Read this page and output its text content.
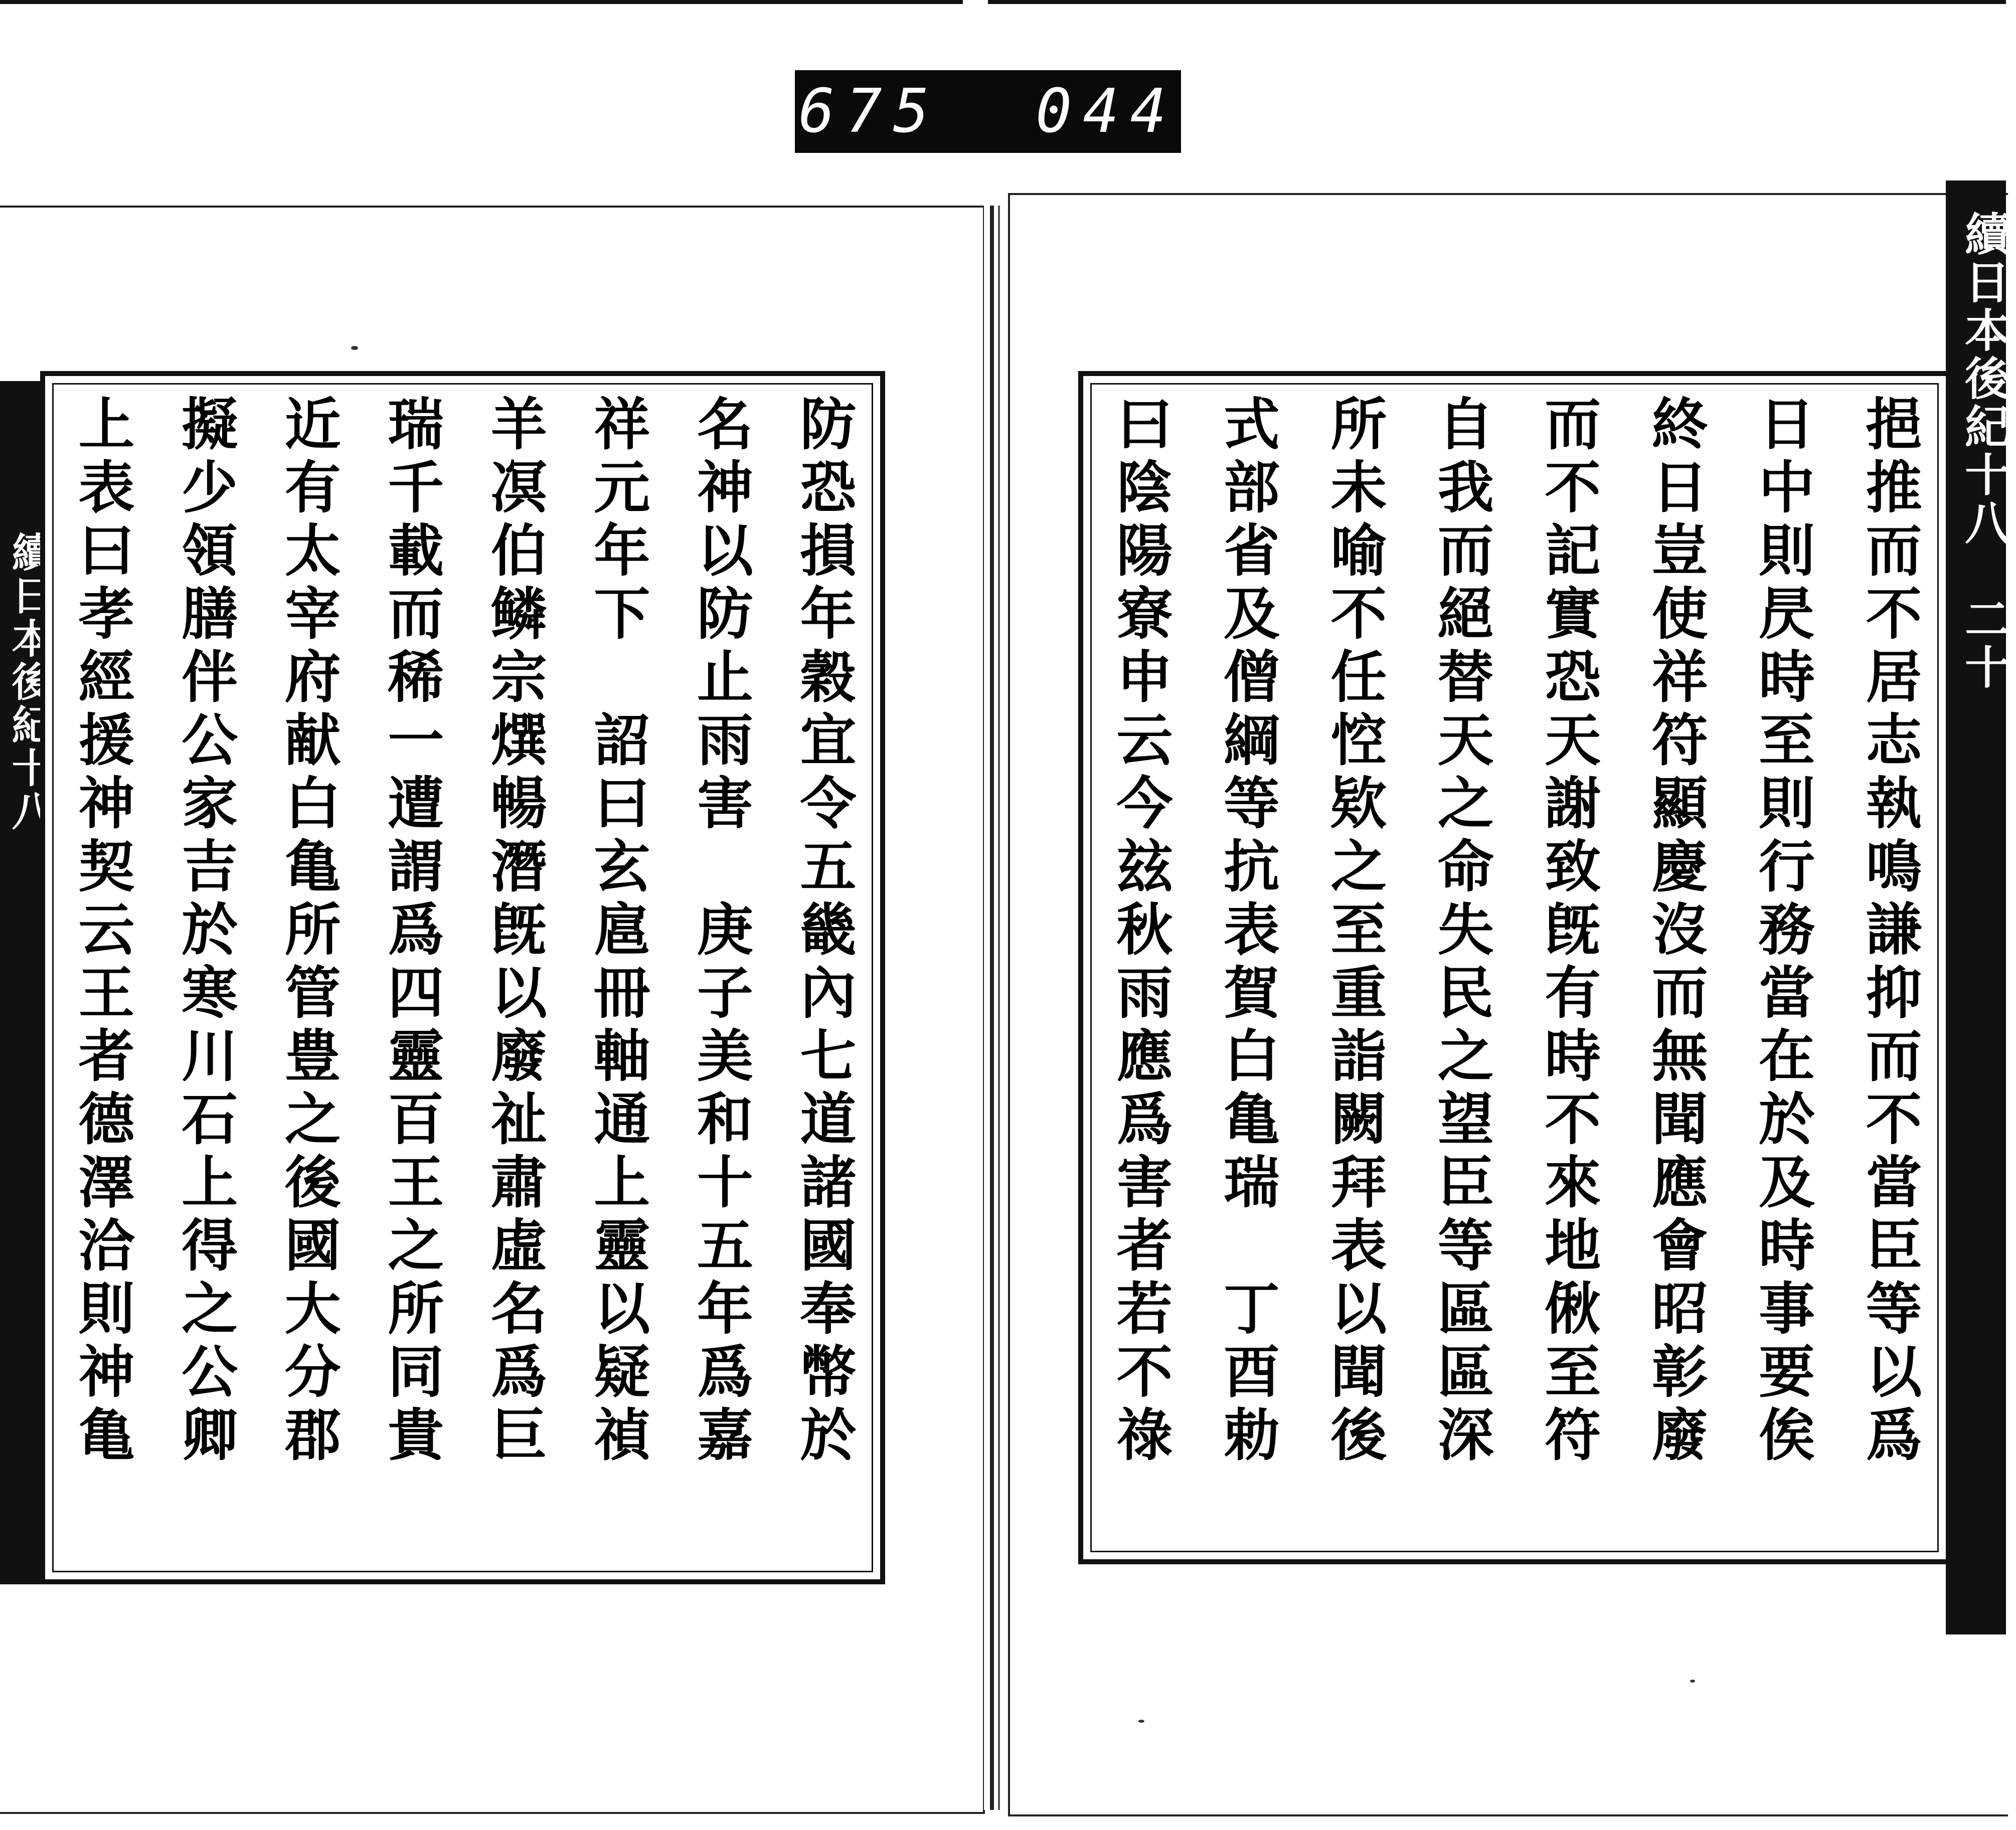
675 044
續日本後紀十八	防恐損年穀宜令五畿內七道諸國奉幣於
名神以防止雨害　庚子美和十五年爲嘉
祥元年下　詔曰玄扈冊軸通上靈以疑禎
羊凕伯鳞宗㷷暢潛旣以廢祉肅虛名爲巨
瑞千載而稀一遭謂爲四靈百王之所同貴
近有太宰府献白亀所管豊之後國大分郡
擬少領膳伴公家吉於寒川石上得之公卿
上表曰孝經援神契云王者德澤洽則神亀	挹推而不居志執鳴謙抑而不當臣等以爲
日中則昃時至則行務當在於及時事要俟
終日豈使祥符顯慶沒而無聞應會昭彰廢
而不記實恐天謝致旣有時不來地偢至符
自我而絕替天之命失民之望臣等區區深
所未喻不任悾欵之至重詣闕拜表以聞後
式部省及僧綱等抗表賀白亀瑞　丁酉勅
曰陰陽寮申云今玆秋雨應爲害者若不祿	續日本後紀十八　二十
